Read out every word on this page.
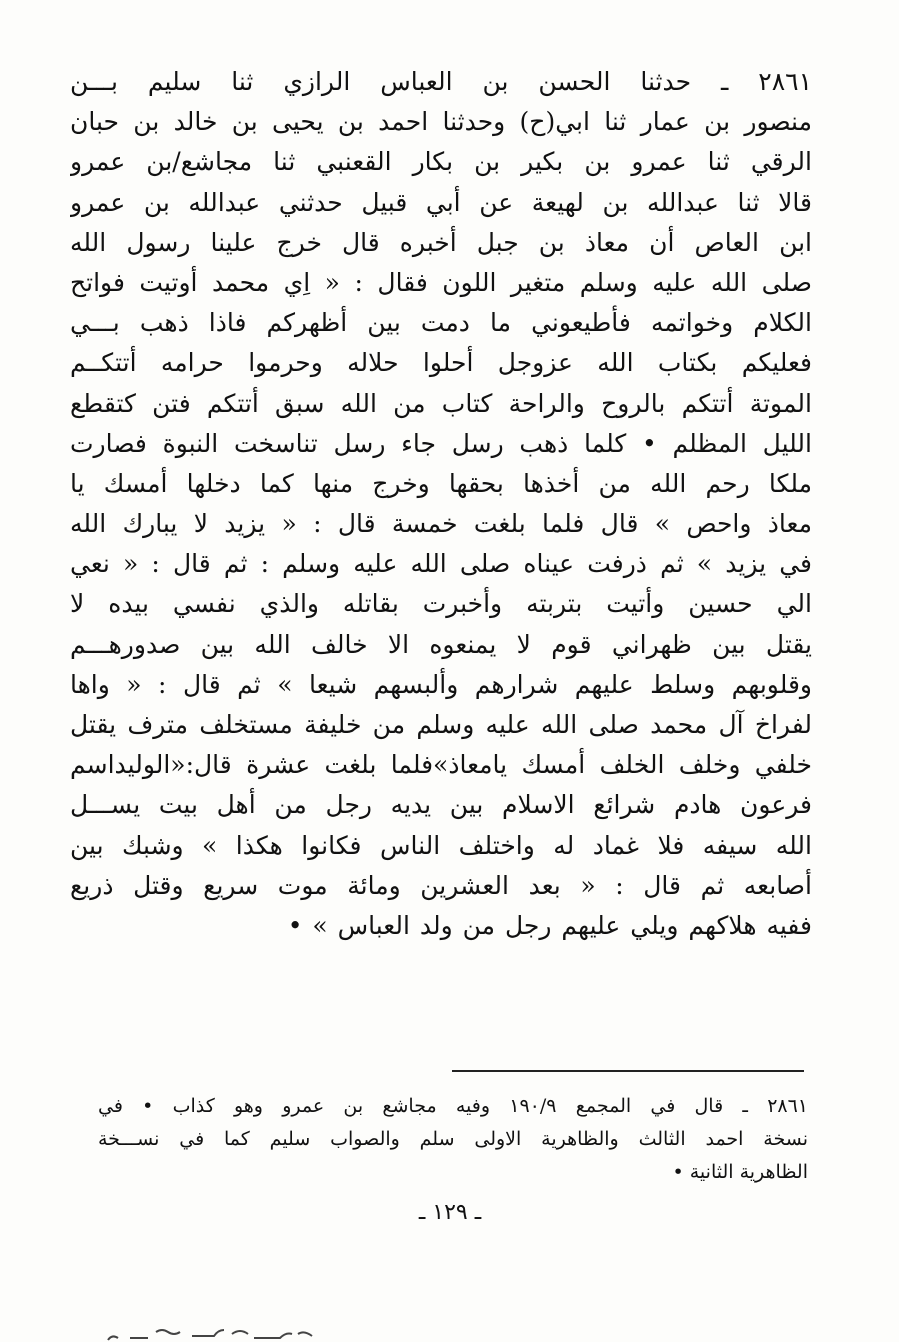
٢٨٦١ ـ حدثنا الحسن بن العباس الرازي ثنا سليم بـــن
منصور بن عمار ثنا ابي(ح) وحدثنا احمد بن يحيى بن خالد بن حبان
الرقي ثنا عمرو بن بكير بن بكار القعنبي ثنا مجاشع/بن عمرو
قالا ثنا عبدالله بن لهيعة عن أبي قبيل حدثني عبدالله بن عمرو
ابن العاص أن معاذ بن جبل أخبره قال خرج علينا رسول الله
صلى الله عليه وسلم متغير اللون فقال : « اِي محمد أوتيت فواتح
الكلام وخواتمه فأطيعوني ما دمت بين أظهركم فاذا ذهب بـــي
فعليكم بكتاب الله عزوجل أحلوا حلاله وحرموا حرامه أتتكــم
الموتة أتتكم بالروح والراحة كتاب من الله سبق أتتكم فتن كتقطع
الليل المظلم • كلما ذهب رسل جاء رسل تناسخت النبوة فصارت
ملكا رحم الله من أخذها بحقها وخرج منها كما دخلها أمسك يا
معاذ واحص » قال فلما بلغت خمسة قال : « يزيد لا يبارك الله
في يزيد » ثم ذرفت عيناه صلى الله عليه وسلم : ثم قال : « نعي
الي حسين وأتيت بتربته وأخبرت بقاتله والذي نفسي بيده لا
يقتل بين ظهراني قوم لا يمنعوه الا خالف الله بين صدورهـــم
وقلوبهم وسلط عليهم شرارهم وألبسهم شيعا » ثم قال : « واها
لفراخ آل محمد صلى الله عليه وسلم من خليفة مستخلف مترف يقتل
خلفي وخلف الخلف أمسك يامعاذ»فلما بلغت عشرة قال:«الوليداسم
فرعون هادم شرائع الاسلام بين يديه رجل من أهل بيت يســـل
الله سيفه فلا غماد له واختلف الناس فكانوا هكذا » وشبك بين
أصابعه ثم قال : « بعد العشرين ومائة موت سريع وقتل ذريع
ففيه هلاكهم ويلي عليهم رجل من ولد العباس » •
٢٨٦١ ـ قال في المجمع ١٩٠/٩ وفيه مجاشع بن عمرو وهو كذاب • في
نسخة احمد الثالث والظاهرية الاولى سلم والصواب سليم كما في نســـخة
الظاهرية الثانية •
ـ ١٢٩ ـ
